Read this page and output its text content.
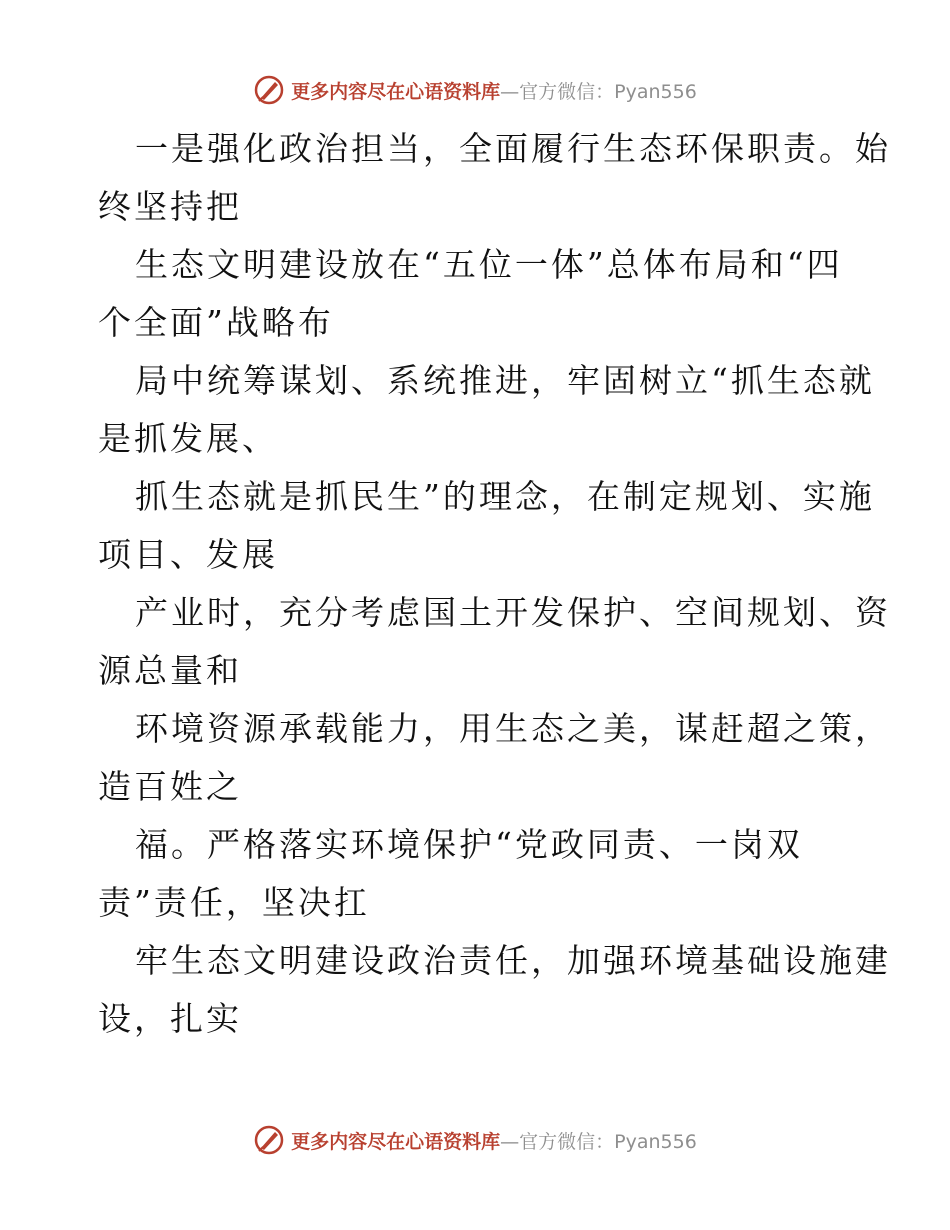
更多内容尽在心语资料库—官方微信：Pyan556

一是强化政治担当，全面履行生态环保职责。始
终坚持把

生态文明建设放在“五位一体”总体布局和“四
个全面”战略布

局中统筹谋划、系统推进，牢固树立“抓生态就
是抓发展、

抓生态就是抓民生”的理念，在制定规划、实施
项目、发展

产业时，充分考虑国土开发保护、空间规划、资
源总量和

环境资源承载能力，用生态之美，谋赶超之策，
造百姓之

福。严格落实环境保护“党政同责、一岗双
责”责任，坚决扛

牢生态文明建设政治责任，加强环境基础设施建
设，扎实

更多内容尽在心语资料库—官方微信：Pyan556
